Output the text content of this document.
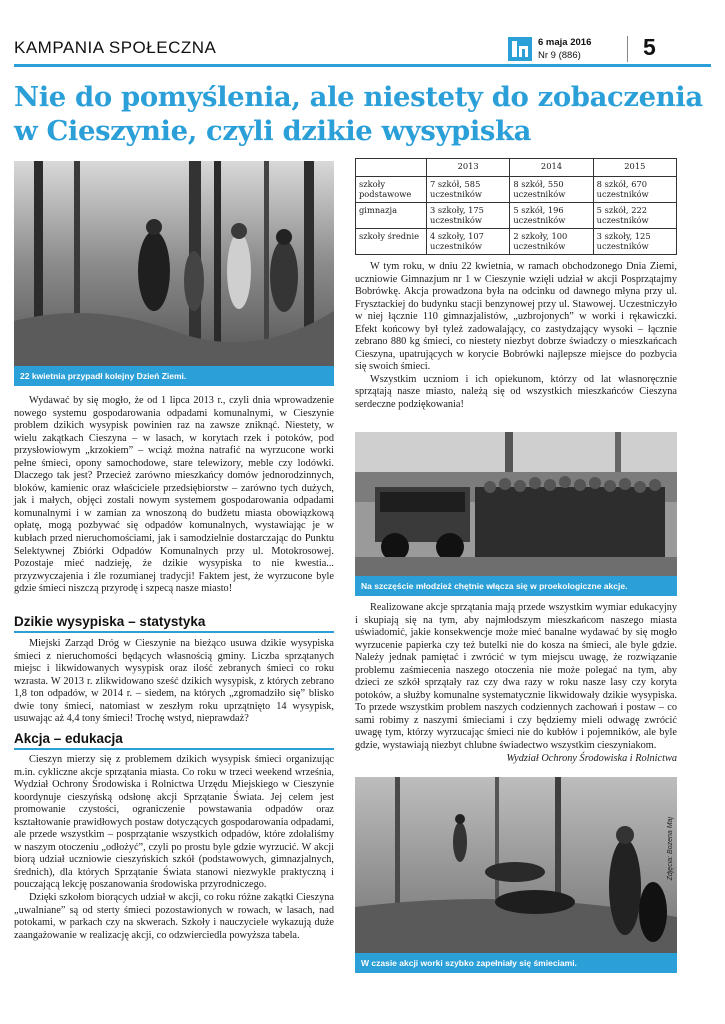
KAMPANIA SPOŁECZNA	6 maja 2016
Nr 9 (886)	5
Nie do pomyślenia, ale niestety do zobaczenia w Cieszynie, czyli dzikie wysypiska
22 kwietnia przypadł kolejny Dzień Ziemi.

Wydawać by się mogło, że od 1 lipca 2013 r., czyli dnia wprowadzenie nowego systemu gospodarowania odpadami komunalnymi, w Cieszynie problem dzikich wysypisk powinien raz na zawsze zniknąć. Niestety, w wielu zakątkach Cieszyna – w lasach, w korytach rzek i potoków, pod przysłowiowym „krzokiem” – wciąż można natrafić na wyrzucone worki pełne śmieci, opony samochodowe, stare telewizory, meble czy lodówki. Dlaczego tak jest? Przecież zarówno mieszkańcy domów jednorodzinnych, bloków, kamienic oraz właściciele przedsiębiorstw – zarówno tych dużych, jak i małych, objęci zostali nowym systemem gospodarowania odpadami komunalnymi i w zamian za wnoszoną do budżetu miasta obowiązkową opłatę, mogą pozbywać się odpadów komunalnych, wystawiając je w kubłach przed nieruchomościami, jak i samodzielnie dostarczając do Punktu Selektywnej Zbiórki Odpadów Komunalnych przy ul. Motokrosowej. Pozostaje mieć nadzieję, że dzikie wysypiska to nie kwestia... przyzwyczajenia i źle rozumianej tradycji! Faktem jest, że wyrzucone byle gdzie śmieci niszczą przyrodę i szpecą nasze miasto!

Dzikie wysypiska – statystyka

Miejski Zarząd Dróg w Cieszynie na bieżąco usuwa dzikie wysypiska śmieci z nieruchomości będących własnością gminy. Liczba sprzątanych miejsc i likwidowanych wysypisk oraz ilość zebranych śmieci co roku wzrasta. W 2013 r. zlikwidowano sześć dzikich wysypisk, z których zebrano 1,8 ton odpadów, w 2014 r. – siedem, na których „zgromadziło się” blisko dwie tony śmieci, natomiast w zeszłym roku uprzątnięto 14 wysypisk, usuwając aż 4,4 tony śmieci! Trochę wstyd, nieprawdaż?

Akcja – edukacja

Cieszyn mierzy się z problemem dzikich wysypisk śmieci organizując m.in. cykliczne akcje sprzątania miasta. Co roku w trzeci weekend września, Wydział Ochrony Środowiska i Rolnictwa Urzędu Miejskiego w Cieszynie koordynuje cieszyńską odsłonę akcji Sprzątanie Świata. Jej celem jest promowanie czystości, ograniczenie powstawania odpadów oraz kształtowanie prawidłowych postaw dotyczących gospodarowania odpadami, ale przede wszystkim – posprzątanie wszystkich odpadów, które zdołaliśmy w naszym otoczeniu „odłożyć”, czyli po prostu byle gdzie wyrzucić. W akcji biorą udział uczniowie cieszyńskich szkół (podstawowych, gimnazjalnych, średnich), dla których Sprzątanie Świata stanowi niezwykle praktyczną i pouczającą lekcję poszanowania środowiska przyrodniczego.

Dzięki szkołom biorących udział w akcji, co roku różne zakątki Cieszyna „uwalniane” są od sterty śmieci pozostawionych w rowach, w lasach, nad potokami, w parkach czy na skwerach. Szkoły i nauczyciele wykazują duże zaangażowanie w realizację akcji, co odzwierciedla powyższa tabela.

	2013	2014	2015
szkoły podstawowe	7 szkół, 585 uczestników	8 szkół, 550 uczestników	8 szkół, 670 uczestników
gimnazja	3 szkoły, 175 uczestników	5 szkół, 196 uczestników	5 szkół, 222 uczestników
szkoły średnie	4 szkoły, 107 uczestników	2 szkoły, 100 uczestników	3 szkoły, 125 uczestników

W tym roku, w dniu 22 kwietnia, w ramach obchodzonego Dnia Ziemi, uczniowie Gimnazjum nr 1 w Cieszynie wzięli udział w akcji Posprzątajmy Bobrówkę. Akcja prowadzona była na odcinku od dawnego młyna przy ul. Frysztackiej do budynku stacji benzynowej przy ul. Stawowej. Uczestniczyło w niej łącznie 110 gimnazjalistów, „uzbrojonych” w worki i rękawiczki. Efekt końcowy był tyleż zadowalający, co zastydzający wysoki – łącznie zebrano 880 kg śmieci, co niestety niezbyt dobrze świadczy o mieszkańcach Cieszyna, upatrujących w korycie Bobrówki najlepsze miejsce do pozbycia się swoich śmieci.

Wszystkim uczniom i ich opiekunom, którzy od lat własnoręcznie sprzątają nasze miasto, należą się od wszystkich mieszkańców Cieszyna serdeczne podziękowania!

Na szczęście młodzież chętnie włącza się w proekologiczne akcje.

Realizowane akcje sprzątania mają przede wszystkim wymiar edukacyjny i skupiają się na tym, aby najmłodszym mieszkańcom naszego miasta uświadomić, jakie konsekwencje może mieć banalne wydawać by się mogło wyrzucenie papierka czy też butelki nie do kosza na śmieci, ale byle gdzie. Należy jednak pamiętać i zwrócić w tym miejscu uwagę, że rozwiązanie problemu zaśmiecenia naszego otoczenia nie może polegać na tym, aby dzieci ze szkół sprzątały raz czy dwa razy w roku nasze lasy czy koryta potoków, a służby komunalne systematycznie likwidowały dzikie wysypiska. To przede wszystkim problem naszych codziennych zachowań i postaw – co sami robimy z naszymi śmieciami i czy będziemy mieli odwagę zwrócić uwagę tym, którzy wyrzucając śmieci nie do kubłów i pojemników, ale byle gdzie, wystawiają niezbyt chlubne świadectwo wszystkim cieszyniakom.

Wydział Ochrony Środowiska i Rolnictwa

Zdjęcia: Bożena Maj
W czasie akcji worki szybko zapełniały się śmieciami.
